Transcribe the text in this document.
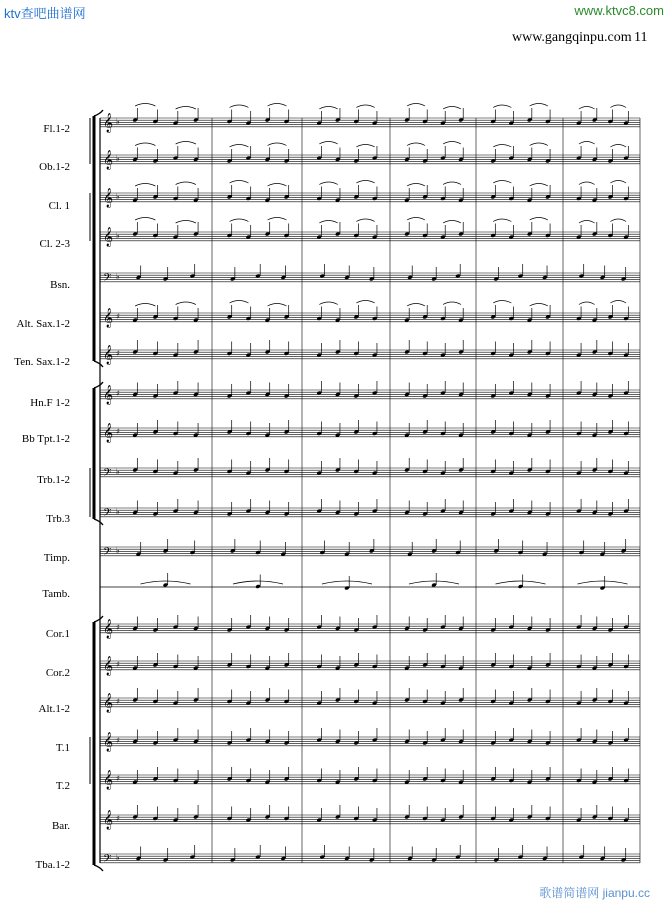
ktv查吧曲谱网	www.ktvc8.com
www.gangqinpu.com 11
Fl.1-2
Ob.1-2
Cl. 1
Cl. 2-3
Bsn.
Alt. Sax.1-2
Ten. Sax.1-2
Hn.F 1-2
Bb Tpt.1-2
Trb.1-2
Trb.3
Timp.
Tamb.
Cor.1
Cor.2
Alt.1-2
T.1
T.2
Bar.
Tba.1-2
𝄞 ♭
𝄞 ♭
𝄞 ♭
𝄞 ♭
𝄢 ♭
𝄞 ♯
𝄞 ♯
𝄞 ♯
𝄞 ♯
𝄢 ♭
𝄢 ♭
𝄢 ♭
𝄞 ♯
𝄞 ♯
𝄞 ♯
𝄞 ♯
𝄞 ♯
𝄞 ♯
𝄢 ♭
歌谱简谱网 jianpu.cc
